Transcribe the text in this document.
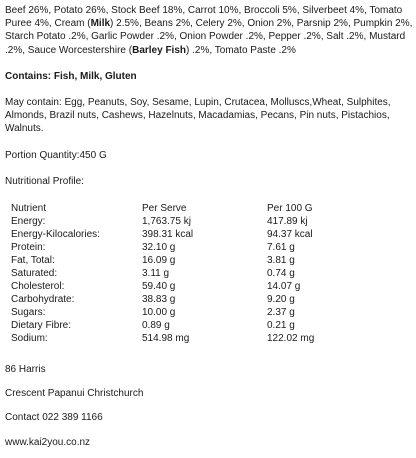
Beef 26%, Potato 26%, Stock Beef 18%, Carrot 10%, Broccoli 5%, Silverbeet 4%, Tomato Puree 4%, Cream (Milk) 2.5%, Beans 2%, Celery 2%, Onion 2%, Parsnip 2%, Pumpkin 2%, Starch Potato .2%, Garlic Powder .2%, Onion Powder .2%, Pepper .2%, Salt .2%, Mustard .2%, Sauce Worcestershire (Barley Fish) .2%, Tomato Paste .2%

Contains: Fish, Milk, Gluten

May contain: Egg, Peanuts, Soy, Sesame, Lupin, Crutacea, Molluscs,Wheat, Sulphites, Almonds, Brazil nuts, Cashews, Hazelnuts, Macadamias, Pecans, Pin nuts, Pistachios, Walnuts.

Portion Quantity:450 G

Nutritional Profile:

Nutrient	Per Serve	Per 100 G
Energy:	1,763.75 kj	417.89 kj
Energy-Kilocalories:	398.31 kcal	94.37 kcal
Protein:	32.10 g	7.61 g
Fat, Total:	16.09 g	3.81 g
Saturated:	3.11 g	0.74 g
Cholesterol:	59.40 g	14.07 g
Carbohydrate:	38.83 g	9.20 g
Sugars:	10.00 g	2.37 g
Dietary Fibre:	0.89 g	0.21 g
Sodium:	514.98 mg	122.02 mg

86 Harris

Crescent Papanui Christchurch

Contact 022 389 1166

www.kai2you.co.nz
